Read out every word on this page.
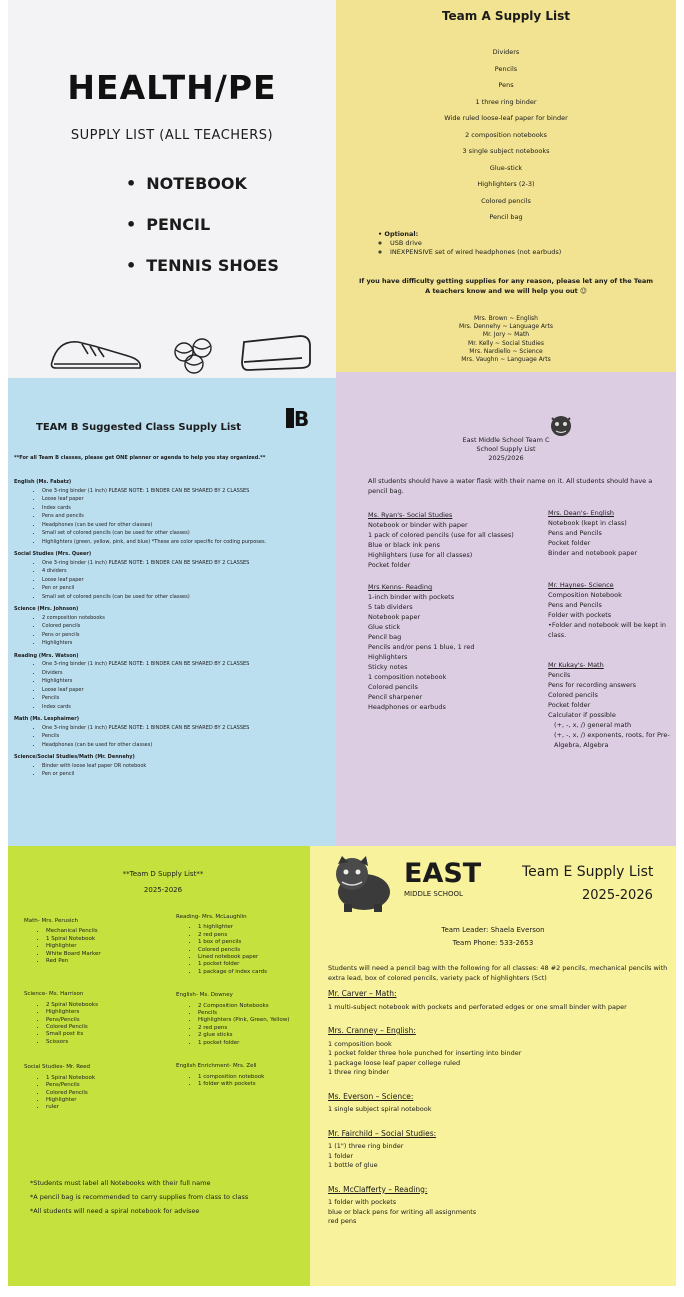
HEALTH/PE
SUPPLY LIST (ALL TEACHERS)
• NOTEBOOK
• PENCIL
• TENNIS SHOES
Team A Supply List
Dividers
Pencils
Pens
1 three ring binder
Wide ruled loose-leaf paper for binder
2 composition notebooks
3 single subject notebooks
Glue-stick
Highlighters (2-3)
Colored pencils
Pencil bag
• Optional:
◦ USB drive
◦ INEXPENSIVE set of wired headphones (not earbuds)
If you have difficulty getting supplies for any reason, please let any of the Team A teachers know and we will help you out ☺
Mrs. Brown ~ English
Mrs. Dennehy ~ Language Arts
Mr. Jory ~ Math
Mr. Kelly ~ Social Studies
Mrs. Nardiello ~ Science
Mrs. Vaughn ~ Language Arts
B
TEAM B Suggested Class Supply List
**For all Team B classes, please get ONE planner or agenda to help you stay organized.**
English (Ms. Fabatz)
• One 3-ring binder (1 inch) PLEASE NOTE: 1 BINDER CAN BE SHARED BY 2 CLASSES
• Loose leaf paper
• Index cards
• Pens and pencils
• Headphones (can be used for other classes)
• Small set of colored pencils (can be used for other classes)
• Highlighters (green, yellow, pink, and blue) *These are color specific for coding purposes.
Social Studies (Mrs. Queer)
• One 3-ring binder (1 inch) PLEASE NOTE: 1 BINDER CAN BE SHARED BY 2 CLASSES
• 4 dividers
• Loose leaf paper
• Pen or pencil
• Small set of colored pencils (can be used for other classes)
Science (Mrs. Johnson)
• 2 composition notebooks
• Colored pencils
• Pens or pencils
• Highlighters
Reading (Mrs. Watson)
• One 3-ring binder (1 inch) PLEASE NOTE: 1 BINDER CAN BE SHARED BY 2 CLASSES
• Dividers
• Highlighters
• Loose leaf paper
• Pencils
• Index cards
Math (Ms. Lesphaimer)
• One 3-ring binder (1 inch) PLEASE NOTE: 1 BINDER CAN BE SHARED BY 2 CLASSES
• Pencils
• Headphones (can be used for other classes)
Science/Social Studies/Math (Mr. Dennehy)
• Binder with loose leaf paper OR notebook
• Pen or pencil
East Middle School Team C
School Supply List
2025/2026
All students should have a water flask with their name on it. All students should have a pencil bag.
Ms. Ryan's- Social Studies
Notebook or binder with paper
1 pack of colored pencils (use for all classes)
Blue or black ink pens
Highlighters (use for all classes)
Pocket folder
Mrs Kenns- Reading
1-inch binder with pockets
5 tab dividers
Notebook paper
Glue stick
Pencil bag
Pencils and/or pens 1 blue, 1 red
Highlighters
Sticky notes
1 composition notebook
Colored pencils
Pencil sharpener
Headphones or earbuds
Mrs. Dean's- English
Notebook (kept in class)
Pens and Pencils
Pocket folder
Binder and notebook paper
Mr. Haynes- Science
Composition Notebook
Pens and Pencils
Folder with pockets
•Folder and notebook will be kept in class.
Mr Kukay's- Math
Pencils
Pens for recording answers
Colored pencils
Pocket folder
Calculator if possible
(+, -, x, /) general math
(+, -, x, /) exponents, roots, for Pre-Algebra, Algebra
**Team D Supply List**
2025-2026
Math- Mrs. Perusich
• Mechanical Pencils
• 1 Spiral Notebook
• Highlighter
• White Board Marker
• Red Pen
Science- Ms. Harrison
• 2 Spiral Notebooks
• Highlighters
• Pens/Pencils
• Colored Pencils
• Small post its
• Scissors
Social Studies- Mr. Reed
• 1 Spiral Notebook
• Pens/Pencils
• Colored Pencils
• Highlighter
• ruler
Reading- Mrs. McLaughlin
• 1 highlighter
• 2 red pens
• 1 box of pencils
• Colored pencils
• Lined notebook paper
• 1 pocket folder
• 1 package of index cards
English- Ms. Downey
• 2 Composition Notebooks
• Pencils
• Highlighters (Pink, Green, Yellow)
• 2 red pens
• 2 glue sticks
• 1 pocket folder
English Enrichment- Mrs. Zell
• 1 composition notebook
• 1 folder with pockets
*Students must label all Notebooks with their full name
*A pencil bag is recommended to carry supplies from class to class
*All students will need a spiral notebook for advisee
EAST
MIDDLE SCHOOL
Team E Supply List
2025-2026
Team Leader: Shaela Everson
Team Phone: 533-2653

Students will need a pencil bag with the following for all classes: 48 #2 pencils, mechanical pencils with extra lead, box of colored pencils, variety pack of highlighters (5ct)

Mr. Carver – Math:
1 multi-subject notebook with pockets and perforated edges or one small binder with paper
Mrs. Cranney – English:
1 composition book
1 pocket folder three hole punched for inserting into binder
1 package loose leaf paper college ruled
1 three ring binder
Ms. Everson – Science:
1 single subject spiral notebook
Mr. Fairchild – Social Studies:
1 (1") three ring binder
1 folder
1 bottle of glue
Ms. McClafferty – Reading:
1 folder with pockets
blue or black pens for writing all assignments
red pens
